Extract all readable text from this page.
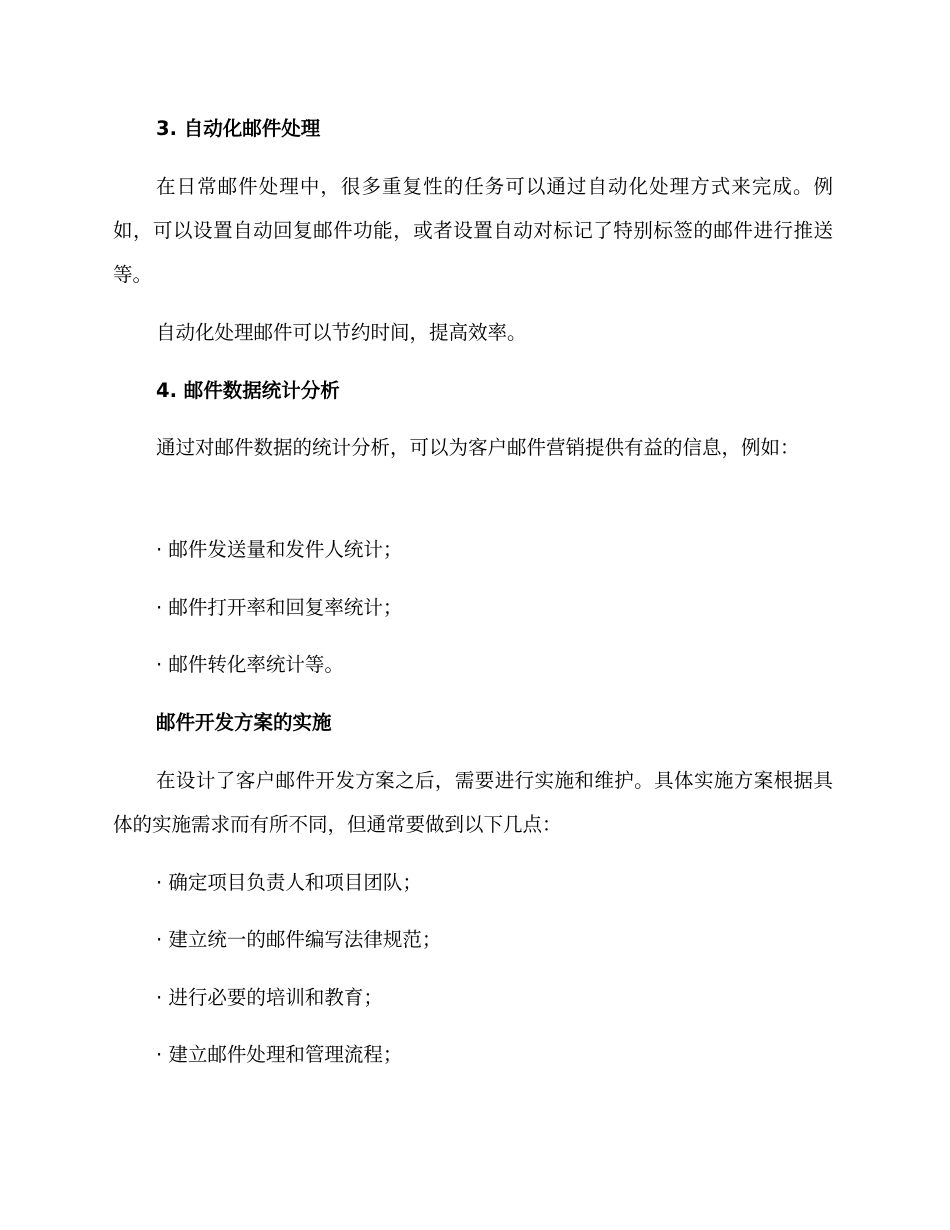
3. 自动化邮件处理

在日常邮件处理中，很多重复性的任务可以通过自动化处理方式来完成。例如，可以设置自动回复邮件功能，或者设置自动对标记了特别标签的邮件进行推送等。

自动化处理邮件可以节约时间，提高效率。

4. 邮件数据统计分析

通过对邮件数据的统计分析，可以为客户邮件营销提供有益的信息，例如：

· 邮件发送量和发件人统计；

· 邮件打开率和回复率统计；

· 邮件转化率统计等。

邮件开发方案的实施

在设计了客户邮件开发方案之后，需要进行实施和维护。具体实施方案根据具体的实施需求而有所不同，但通常要做到以下几点：

· 确定项目负责人和项目团队；

· 建立统一的邮件编写法律规范；

· 进行必要的培训和教育；

· 建立邮件处理和管理流程；
